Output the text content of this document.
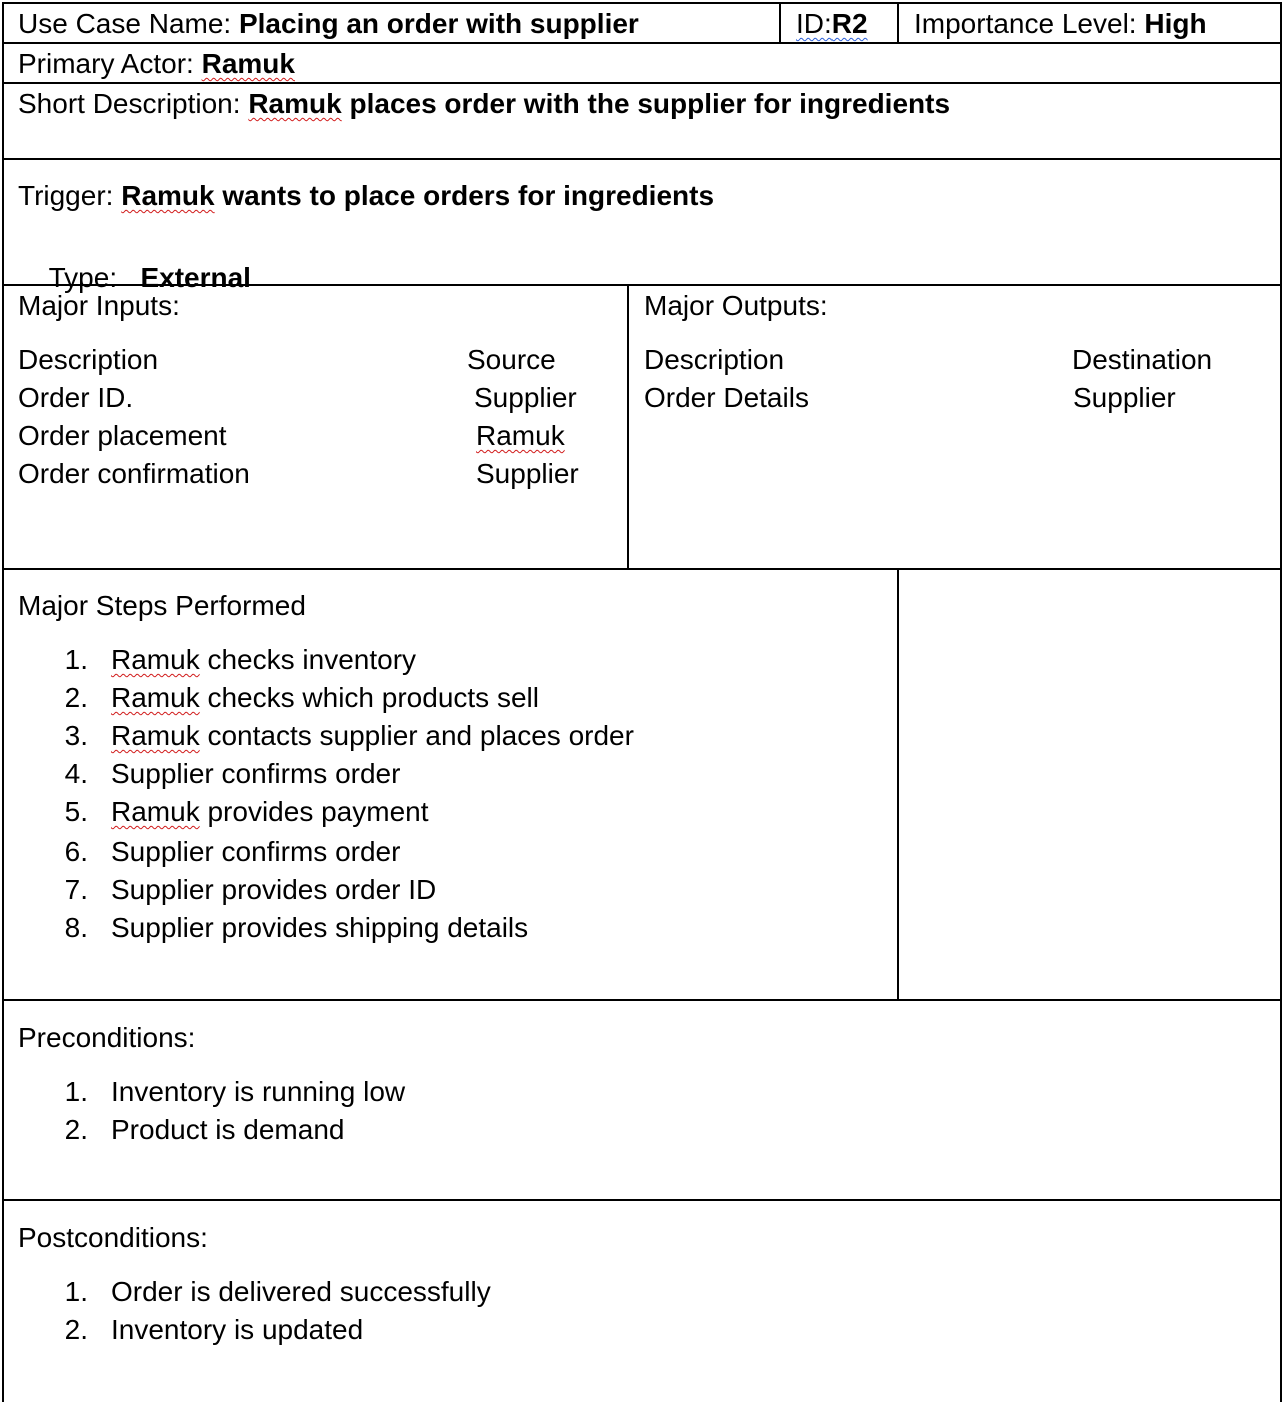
Use Case Name: Placing an order with supplier	ID:R2 Importance Level: High
Primary Actor: Ramuk
Short Description: Ramuk places order with the supplier for ingredients
Trigger: Ramuk wants to place orders for ingredients

Type:   External

Major Inputs:
Description	Source
Order ID.	Supplier
Order placement	Ramuk
Order confirmation	Supplier
Major Outputs:
Description	Destination
Order Details	Supplier
Major Steps Performed
1. Ramuk checks inventory
2. Ramuk checks which products sell
3. Ramuk contacts supplier and places order
4. Supplier confirms order
5. Ramuk provides payment
6. Supplier confirms order
7. Supplier provides order ID
8. Supplier provides shipping details
Preconditions:
1. Inventory is running low
2. Product is demand
Postconditions:
1. Order is delivered successfully
2. Inventory is updated
